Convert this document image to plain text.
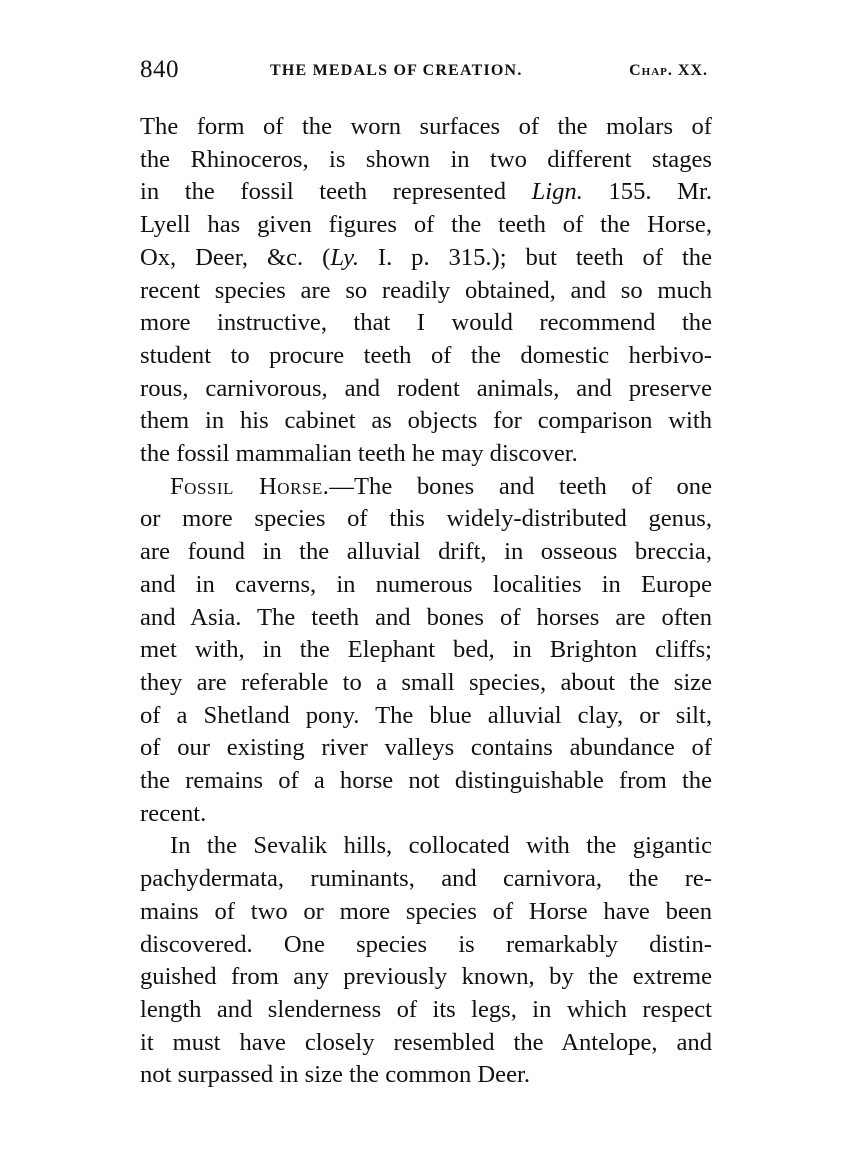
840	THE MEDALS OF CREATION.	Chap. XX.

The form of the worn surfaces of the molars of
the Rhinoceros, is shown in two different stages
in the fossil teeth represented Lign. 155. Mr.
Lyell has given figures of the teeth of the Horse,
Ox, Deer, &c. (Ly. I. p. 315.); but teeth of the
recent species are so readily obtained, and so much
more instructive, that I would recommend the
student to procure teeth of the domestic herbivo-
rous, carnivorous, and rodent animals, and preserve
them in his cabinet as objects for comparison with
the fossil mammalian teeth he may discover.

Fossil Horse.—The bones and teeth of one
or more species of this widely-distributed genus,
are found in the alluvial drift, in osseous breccia,
and in caverns, in numerous localities in Europe
and Asia. The teeth and bones of horses are often
met with, in the Elephant bed, in Brighton cliffs;
they are referable to a small species, about the size
of a Shetland pony. The blue alluvial clay, or silt,
of our existing river valleys contains abundance of
the remains of a horse not distinguishable from the
recent.

In the Sevalik hills, collocated with the gigantic
pachydermata, ruminants, and carnivora, the re-
mains of two or more species of Horse have been
discovered. One species is remarkably distin-
guished from any previously known, by the extreme
length and slenderness of its legs, in which respect
it must have closely resembled the Antelope, and
not surpassed in size the common Deer.
